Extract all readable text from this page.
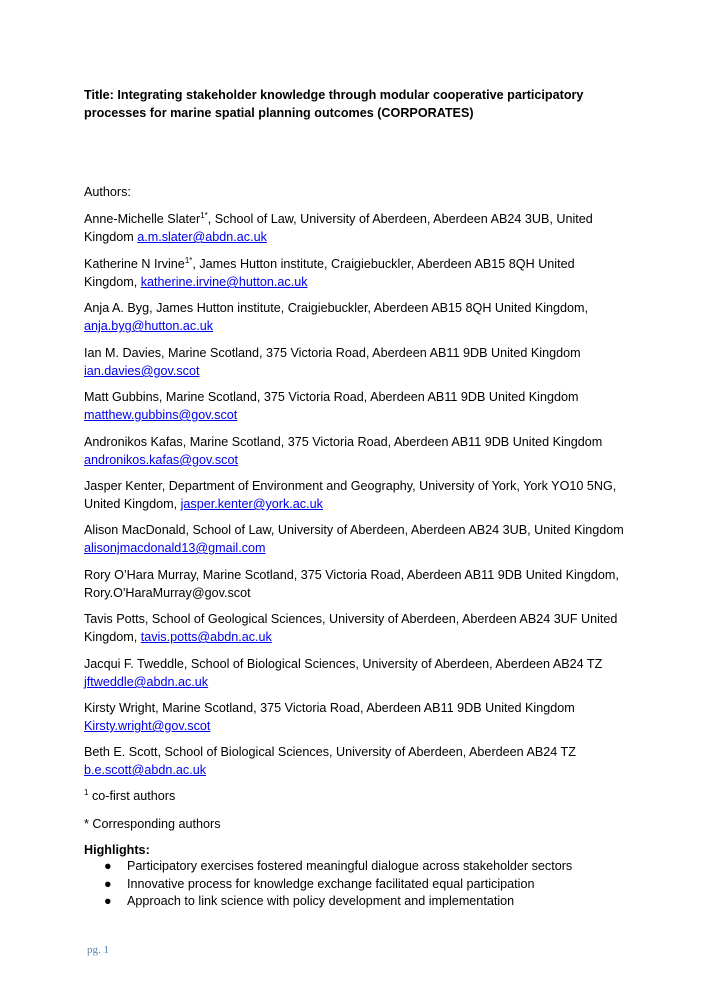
Title: Integrating stakeholder knowledge through modular cooperative participatory processes for marine spatial planning outcomes (CORPORATES)
Authors:
Anne-Michelle Slater$^{1*}$, School of Law, University of Aberdeen, Aberdeen AB24 3UB, United Kingdom a.m.slater@abdn.ac.uk
Katherine N Irvine$^{1*}$, James Hutton institute, Craigiebuckler, Aberdeen AB15 8QH United Kingdom, katherine.irvine@hutton.ac.uk
Anja A. Byg, James Hutton institute, Craigiebuckler, Aberdeen AB15 8QH United Kingdom, anja.byg@hutton.ac.uk
Ian M. Davies, Marine Scotland, 375 Victoria Road, Aberdeen AB11 9DB United Kingdom ian.davies@gov.scot
Matt Gubbins, Marine Scotland, 375 Victoria Road, Aberdeen AB11 9DB United Kingdom matthew.gubbins@gov.scot
Andronikos Kafas, Marine Scotland, 375 Victoria Road, Aberdeen AB11 9DB United Kingdom andronikos.kafas@gov.scot
Jasper Kenter, Department of Environment and Geography, University of York, York YO10 5NG, United Kingdom, jasper.kenter@york.ac.uk
Alison MacDonald, School of Law, University of Aberdeen, Aberdeen AB24 3UB, United Kingdom alisonjmacdonald13@gmail.com
Rory O’Hara Murray, Marine Scotland, 375 Victoria Road, Aberdeen AB11 9DB United Kingdom, Rory.O'HaraMurray@gov.scot
Tavis Potts, School of Geological Sciences, University of Aberdeen, Aberdeen AB24 3UF United Kingdom, tavis.potts@abdn.ac.uk
Jacqui F. Tweddle, School of Biological Sciences, University of Aberdeen, Aberdeen AB24 TZ jftweddle@abdn.ac.uk
Kirsty Wright, Marine Scotland, 375 Victoria Road, Aberdeen AB11 9DB United Kingdom Kirsty.wright@gov.scot
Beth E. Scott, School of Biological Sciences, University of Aberdeen, Aberdeen AB24 TZ b.e.scott@abdn.ac.uk
$^1$ co-first authors
* Corresponding authors
Highlights:
● Participatory exercises fostered meaningful dialogue across stakeholder sectors
● Innovative process for knowledge exchange facilitated equal participation
● Approach to link science with policy development and implementation
pg. 1
